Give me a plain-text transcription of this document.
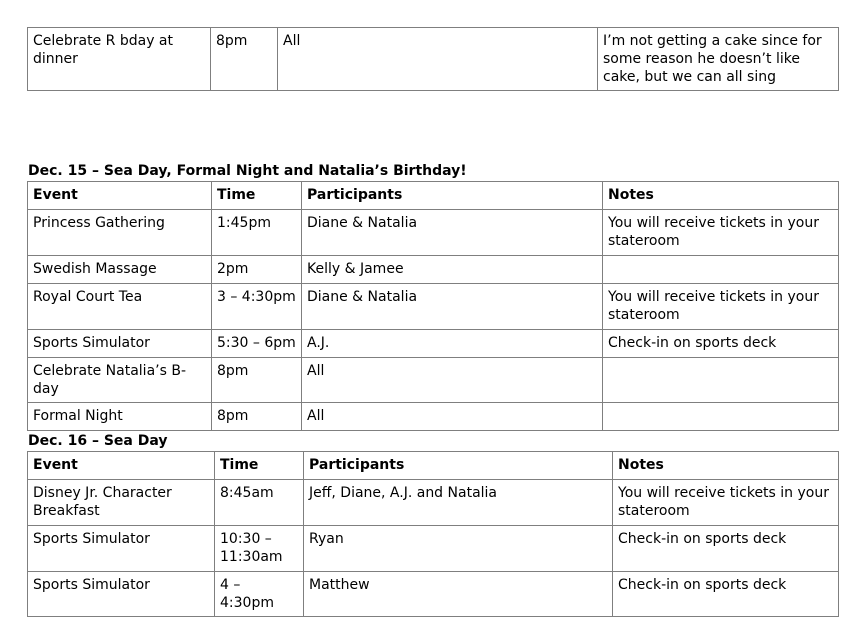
Celebrate R bday at dinner	8pm	All	I’m not getting a cake since for some reason he doesn’t like cake, but we can all sing
Dec. 15 – Sea Day, Formal Night and Natalia’s Birthday!
Event	Time	Participants	Notes
Princess Gathering	1:45pm	Diane & Natalia	You will receive tickets in your stateroom
Swedish Massage	2pm	Kelly & Jamee	
Royal Court Tea	3 – 4:30pm	Diane & Natalia	You will receive tickets in your stateroom
Sports Simulator	5:30 – 6pm	A.J.	Check-in on sports deck
Celebrate Natalia’s B-day	8pm	All	
Formal Night	8pm	All	
Dec. 16 – Sea Day
Event	Time	Participants	Notes
Disney Jr. Character Breakfast	8:45am	Jeff, Diane, A.J. and Natalia	You will receive tickets in your stateroom
Sports Simulator	10:30 – 11:30am	Ryan	Check-in on sports deck
Sports Simulator	4 – 4:30pm	Matthew	Check-in on sports deck
